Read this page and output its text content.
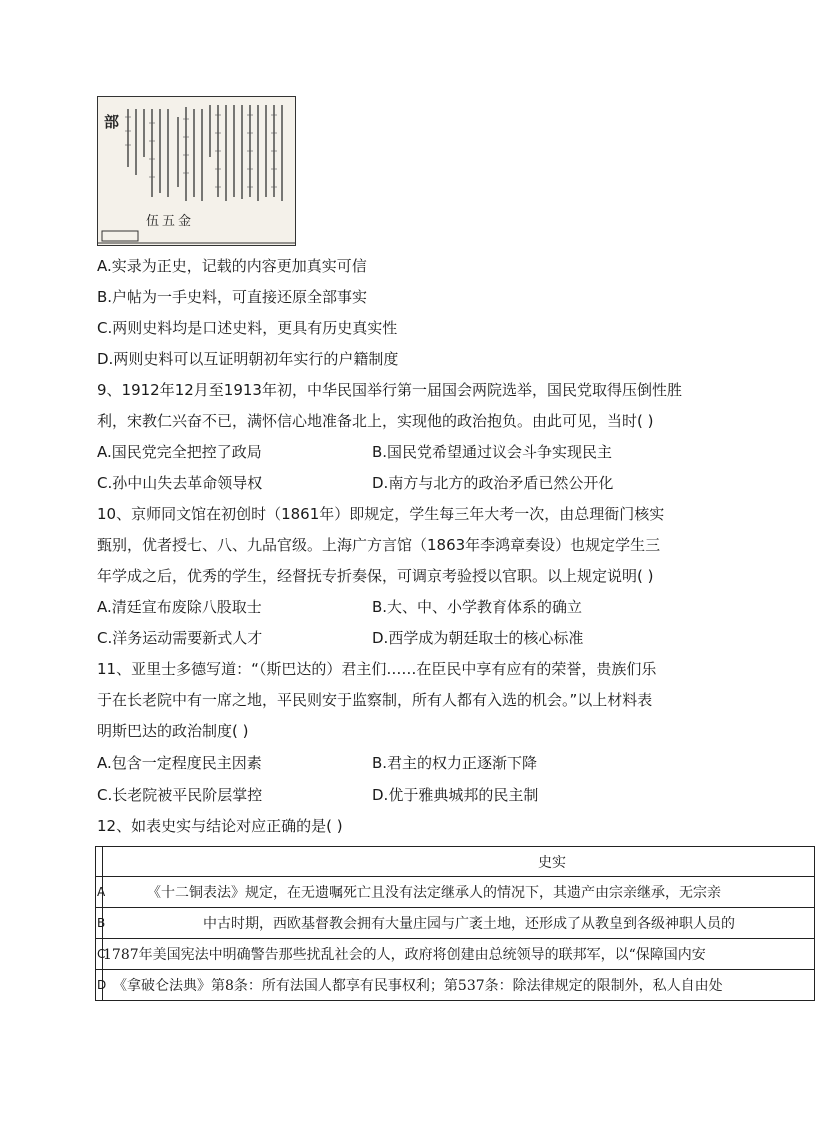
部
伍 五 金
A.实录为正史，记载的内容更加真实可信
B.户帖为一手史料，可直接还原全部事实
C.两则史料均是口述史料，更具有历史真实性
D.两则史料可以互证明朝初年实行的户籍制度
9、1912年12月至1913年初，中华民国举行第一届国会两院选举，国民党取得压倒性胜
利，宋教仁兴奋不已，满怀信心地准备北上，实现他的政治抱负。由此可见，当时( )
A.国民党完全把控了政局	B.国民党希望通过议会斗争实现民主
C.孙中山失去革命领导权	D.南方与北方的政治矛盾已然公开化
10、京师同文馆在初创时（1861年）即规定，学生每三年大考一次，由总理衙门核实
甄别，优者授七、八、九品官级。上海广方言馆（1863年李鸿章奏设）也规定学生三
年学成之后，优秀的学生，经督抚专折奏保，可调京考验授以官职。以上规定说明( )
A.清廷宣布废除八股取士	B.大、中、小学教育体系的确立
C.洋务运动需要新式人才	D.西学成为朝廷取士的核心标准
11、亚里士多德写道：“（斯巴达的）君主们……在臣民中享有应有的荣誉，贵族们乐
于在长老院中有一席之地，平民则安于监察制，所有人都有入选的机会。”以上材料表
明斯巴达的政治制度( )
A.包含一定程度民主因素	B.君主的权力正逐渐下降
C.长老院被平民阶层掌控	D.优于雅典城邦的民主制
12、如表史实与结论对应正确的是( )
	史实
A	《十二铜表法》规定，在无遗嘱死亡且没有法定继承人的情况下，其遗产由宗亲继承，无宗亲
B	中古时期，西欧基督教会拥有大量庄园与广袤土地，还形成了从教皇到各级神职人员的
C	1787年美国宪法中明确警告那些扰乱社会的人，政府将创建由总统领导的联邦军，以“保障国内安
D	《拿破仑法典》第8条：所有法国人都享有民事权利；第537条：除法律规定的限制外，私人自由处
